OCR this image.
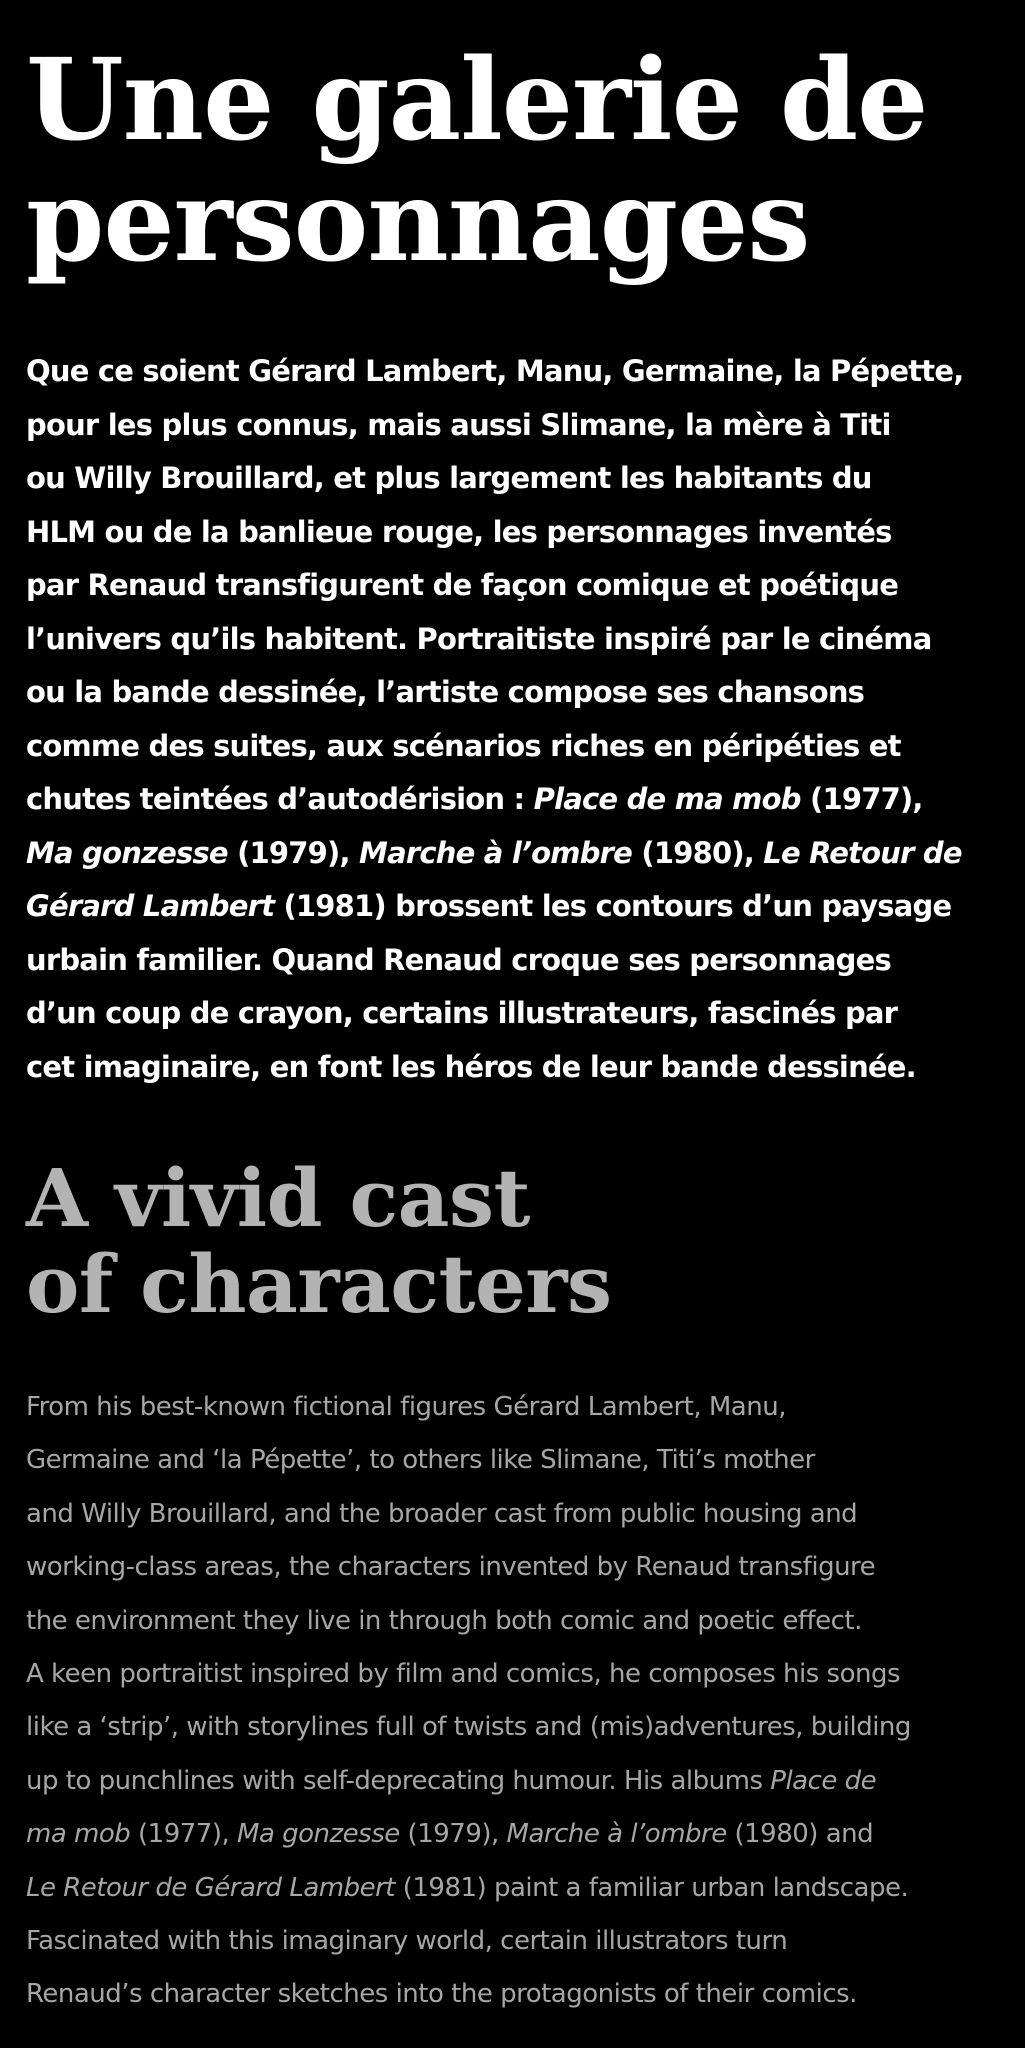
Une galerie de
personnages
Que ce soient Gérard Lambert, Manu, Germaine, la Pépette,
pour les plus connus, mais aussi Slimane, la mère à Titi
ou Willy Brouillard, et plus largement les habitants du
HLM ou de la banlieue rouge, les personnages inventés
par Renaud transfigurent de façon comique et poétique
l’univers qu’ils habitent. Portraitiste inspiré par le cinéma
ou la bande dessinée, l’artiste compose ses chansons
comme des suites, aux scénarios riches en péripéties et
chutes teintées d’autodérision : Place de ma mob (1977),
Ma gonzesse (1979), Marche à l’ombre (1980), Le Retour de
Gérard Lambert (1981) brossent les contours d’un paysage
urbain familier. Quand Renaud croque ses personnages
d’un coup de crayon, certains illustrateurs, fascinés par
cet imaginaire, en font les héros de leur bande dessinée.
A vivid cast
of characters
From his best-known fictional figures Gérard Lambert, Manu,
Germaine and ‘la Pépette’, to others like Slimane, Titi’s mother
and Willy Brouillard, and the broader cast from public housing and
working-class areas, the characters invented by Renaud transfigure
the environment they live in through both comic and poetic effect.
A keen portraitist inspired by film and comics, he composes his songs
like a ‘strip’, with storylines full of twists and (mis)adventures, building
up to punchlines with self-deprecating humour. His albums Place de
ma mob (1977), Ma gonzesse (1979), Marche à l’ombre (1980) and
Le Retour de Gérard Lambert (1981) paint a familiar urban landscape.
Fascinated with this imaginary world, certain illustrators turn
Renaud’s character sketches into the protagonists of their comics.
